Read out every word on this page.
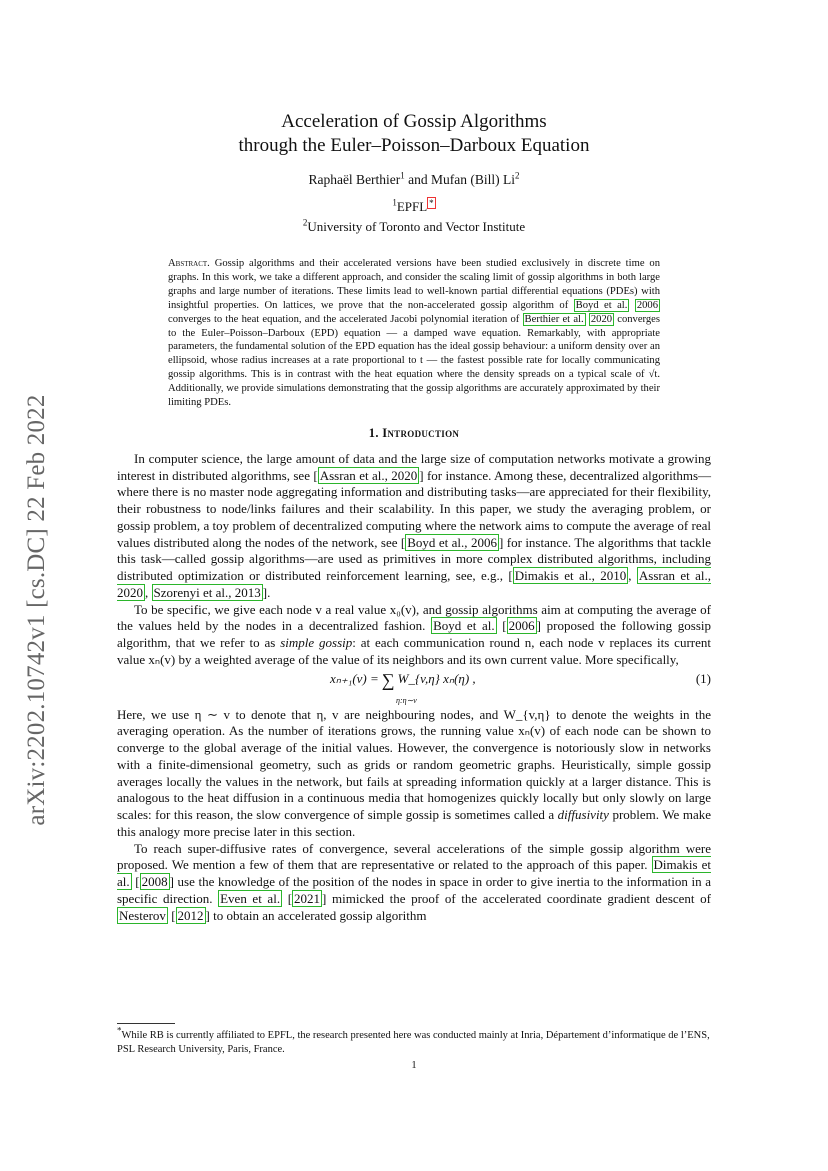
arXiv:2202.10742v1 [cs.DC] 22 Feb 2022
Acceleration of Gossip Algorithms
through the Euler–Poisson–Darboux Equation
Raphaël Berthier$^1$ and Mufan (Bill) Li$^2$
$^1$EPFL *
$^2$University of Toronto and Vector Institute
Abstract. Gossip algorithms and their accelerated versions have been studied exclusively in discrete time on graphs. In this work, we take a different approach, and consider the scaling limit of gossip algorithms in both large graphs and large number of iterations. These limits lead to well-known partial differential equations (PDEs) with insightful properties. On lattices, we prove that the non-accelerated gossip algorithm of Boyd et al. 2006 converges to the heat equation, and the accelerated Jacobi polynomial iteration of Berthier et al. 2020 converges to the Euler–Poisson–Darboux (EPD) equation — a damped wave equation. Remarkably, with appropriate parameters, the fundamental solution of the EPD equation has the ideal gossip behaviour: a uniform density over an ellipsoid, whose radius increases at a rate proportional to t — the fastest possible rate for locally communicating gossip algorithms. This is in contrast with the heat equation where the density spreads on a typical scale of √t. Additionally, we provide simulations demonstrating that the gossip algorithms are accurately approximated by their limiting PDEs.
1. Introduction

In computer science, the large amount of data and the large size of computation networks motivate a growing interest in distributed algorithms, see [ Assran et al., 2020 ] for instance. Among these, decentralized algorithms—where there is no master node aggregating information and distributing tasks—are appreciated for their flexibility, their robustness to node/links failures and their scalability. In this paper, we study the averaging problem, or gossip problem, a toy problem of decentralized computing where the network aims to compute the average of real values distributed along the nodes of the network, see [ Boyd et al., 2006 ] for instance. The algorithms that tackle this task—called gossip algorithms—are used as primitives in more complex distributed algorithms, including distributed optimization or distributed reinforcement learning, see, e.g., [ Dimakis et al., 2010 , Assran et al., 2020 , Szorenyi et al., 2013 ].

To be specific, we give each node v a real value x₀(v), and gossip algorithms aim at computing the average of the values held by the nodes in a decentralized fashion. Boyd et al. [ 2006 ] proposed the following gossip algorithm, that we refer to as simple gossip: at each communication round n, each node v replaces its current value xₙ(v) by a weighted average of the value of its neighbors and its own current value. More specifically,

xₙ₊₁(v) = ∑ W_{v,η} xₙ(η) ,
η:η∼v
(1)

Here, we use η ∼ v to denote that η, v are neighbouring nodes, and W_{v,η} to denote the weights in the averaging operation. As the number of iterations grows, the running value xₙ(v) of each node can be shown to converge to the global average of the initial values. However, the convergence is notoriously slow in networks with a finite-dimensional geometry, such as grids or random geometric graphs. Heuristically, simple gossip averages locally the values in the network, but fails at spreading information quickly at a larger distance. This is analogous to the heat diffusion in a continuous media that homogenizes quickly locally but only slowly on large scales: for this reason, the slow convergence of simple gossip is sometimes called a diffusivity problem. We make this analogy more precise later in this section.

To reach super-diffusive rates of convergence, several accelerations of the simple gossip algorithm were proposed. We mention a few of them that are representative or related to the approach of this paper. Dimakis et al. [ 2008 ] use the knowledge of the position of the nodes in space in order to give inertia to the information in a specific direction. Even et al. [ 2021 ] mimicked the proof of the accelerated coordinate gradient descent of Nesterov [ 2012 ] to obtain an accelerated gossip algorithm

*While RB is currently affiliated to EPFL, the research presented here was conducted mainly at Inria, Département d’informatique de l’ENS, PSL Research University, Paris, France.
1
